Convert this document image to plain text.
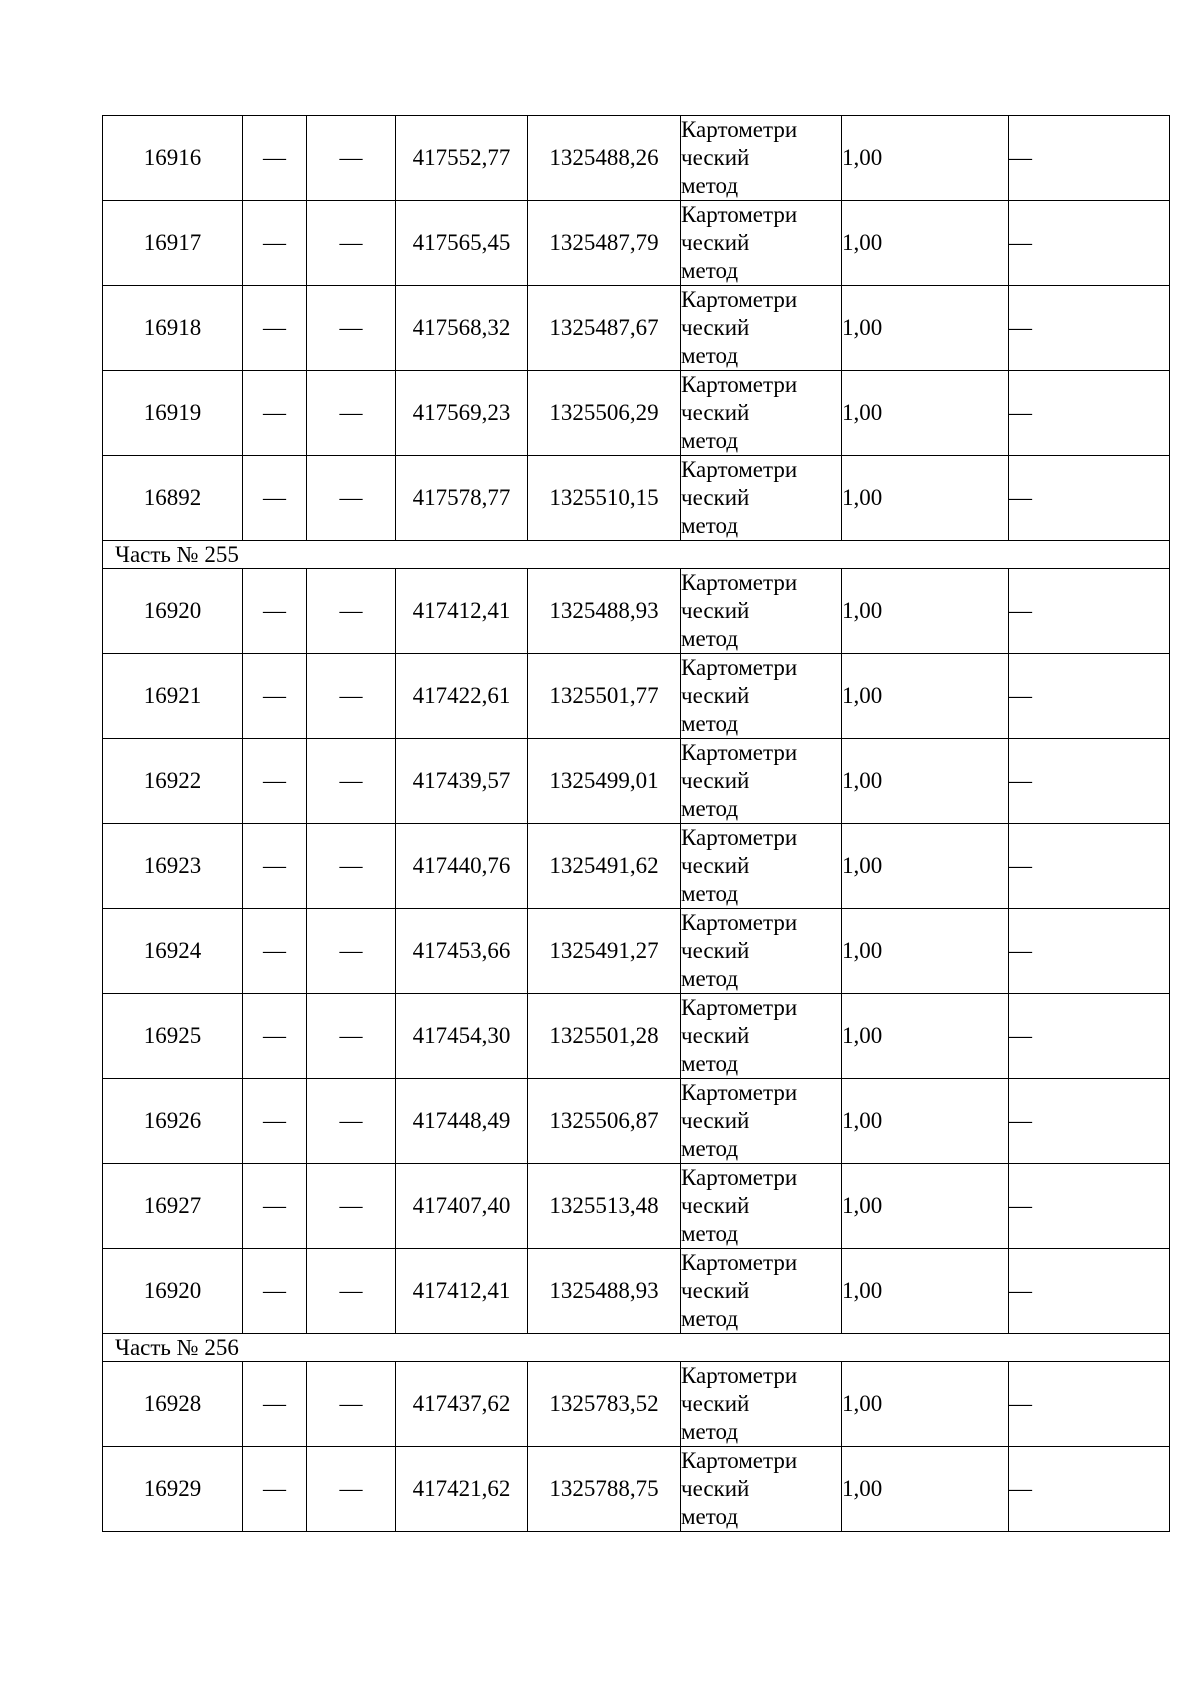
16916	—	—	417552,77	1325488,26	Картометри
ческий
метод	1,00	—
16917	—	—	417565,45	1325487,79	Картометри
ческий
метод	1,00	—
16918	—	—	417568,32	1325487,67	Картометри
ческий
метод	1,00	—
16919	—	—	417569,23	1325506,29	Картометри
ческий
метод	1,00	—
16892	—	—	417578,77	1325510,15	Картометри
ческий
метод	1,00	—
Часть № 255							
16920	—	—	417412,41	1325488,93	Картометри
ческий
метод	1,00	—
16921	—	—	417422,61	1325501,77	Картометри
ческий
метод	1,00	—
16922	—	—	417439,57	1325499,01	Картометри
ческий
метод	1,00	—
16923	—	—	417440,76	1325491,62	Картометри
ческий
метод	1,00	—
16924	—	—	417453,66	1325491,27	Картометри
ческий
метод	1,00	—
16925	—	—	417454,30	1325501,28	Картометри
ческий
метод	1,00	—
16926	—	—	417448,49	1325506,87	Картометри
ческий
метод	1,00	—
16927	—	—	417407,40	1325513,48	Картометри
ческий
метод	1,00	—
16920	—	—	417412,41	1325488,93	Картометри
ческий
метод	1,00	—
Часть № 256							
16928	—	—	417437,62	1325783,52	Картометри
ческий
метод	1,00	—
16929	—	—	417421,62	1325788,75	Картометри
ческий
метод	1,00	—
